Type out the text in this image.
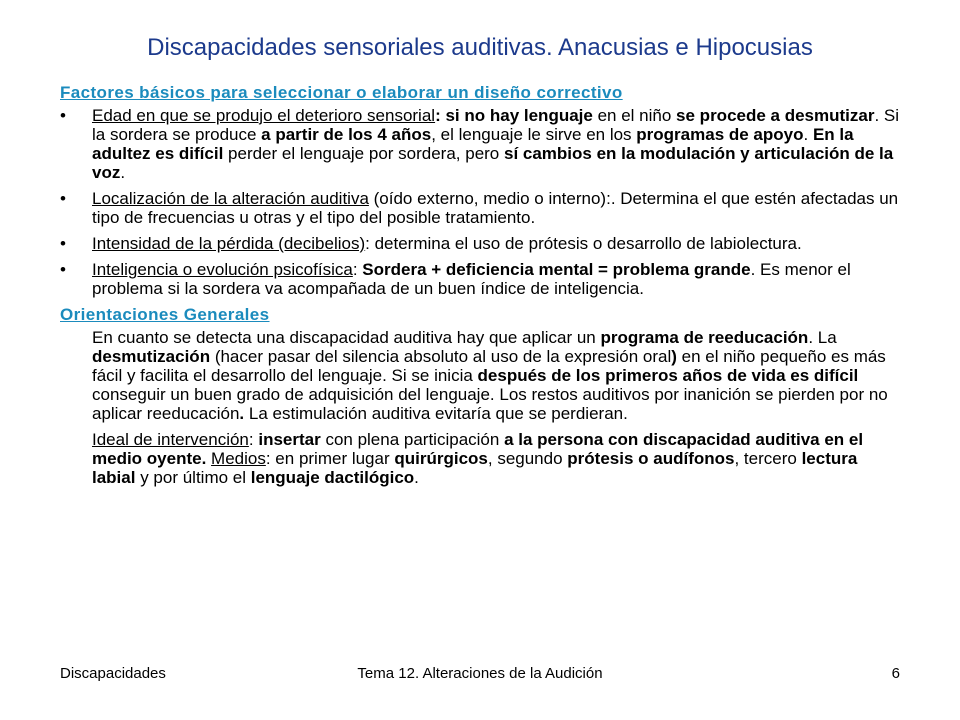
Discapacidades sensoriales auditivas. Anacusias e Hipocusias
Factores básicos para seleccionar o elaborar un diseño correctivo
• Edad en que se produjo el deterioro sensorial: si no hay lenguaje en el niño se procede a desmutizar. Si la sordera se produce a partir de los 4 años, el lenguaje le sirve en los programas de apoyo. En la adultez es difícil perder el lenguaje por sordera, pero sí cambios en la modulación y articulación de la voz.
• Localización de la alteración auditiva (oído externo, medio o interno):. Determina el que estén afectadas un tipo de frecuencias u otras y el tipo del posible tratamiento.
• Intensidad de la pérdida (decibelios): determina el uso de prótesis o desarrollo de labiolectura.
• Inteligencia o evolución psicofísica: Sordera + deficiencia mental = problema grande. Es menor el problema si la sordera va acompañada de un buen índice de inteligencia.
Orientaciones Generales

En cuanto se detecta una discapacidad auditiva hay que aplicar un programa de reeducación. La desmutización (hacer pasar del silencia absoluto al uso de la expresión oral) en el niño pequeño es más fácil y facilita el desarrollo del lenguaje. Si se inicia después de los primeros años de vida es difícil conseguir un buen grado de adquisición del lenguaje. Los restos auditivos por inanición se pierden por no aplicar reeducación. La estimulación auditiva evitaría que se perdieran.

Ideal de intervención: insertar con plena participación a la persona con discapacidad auditiva en el medio oyente. Medios: en primer lugar quirúrgicos, segundo prótesis o audífonos, tercero lectura labial y por último el lenguaje dactilógico.

Discapacidades	Tema 12. Alteraciones de la Audición	6
